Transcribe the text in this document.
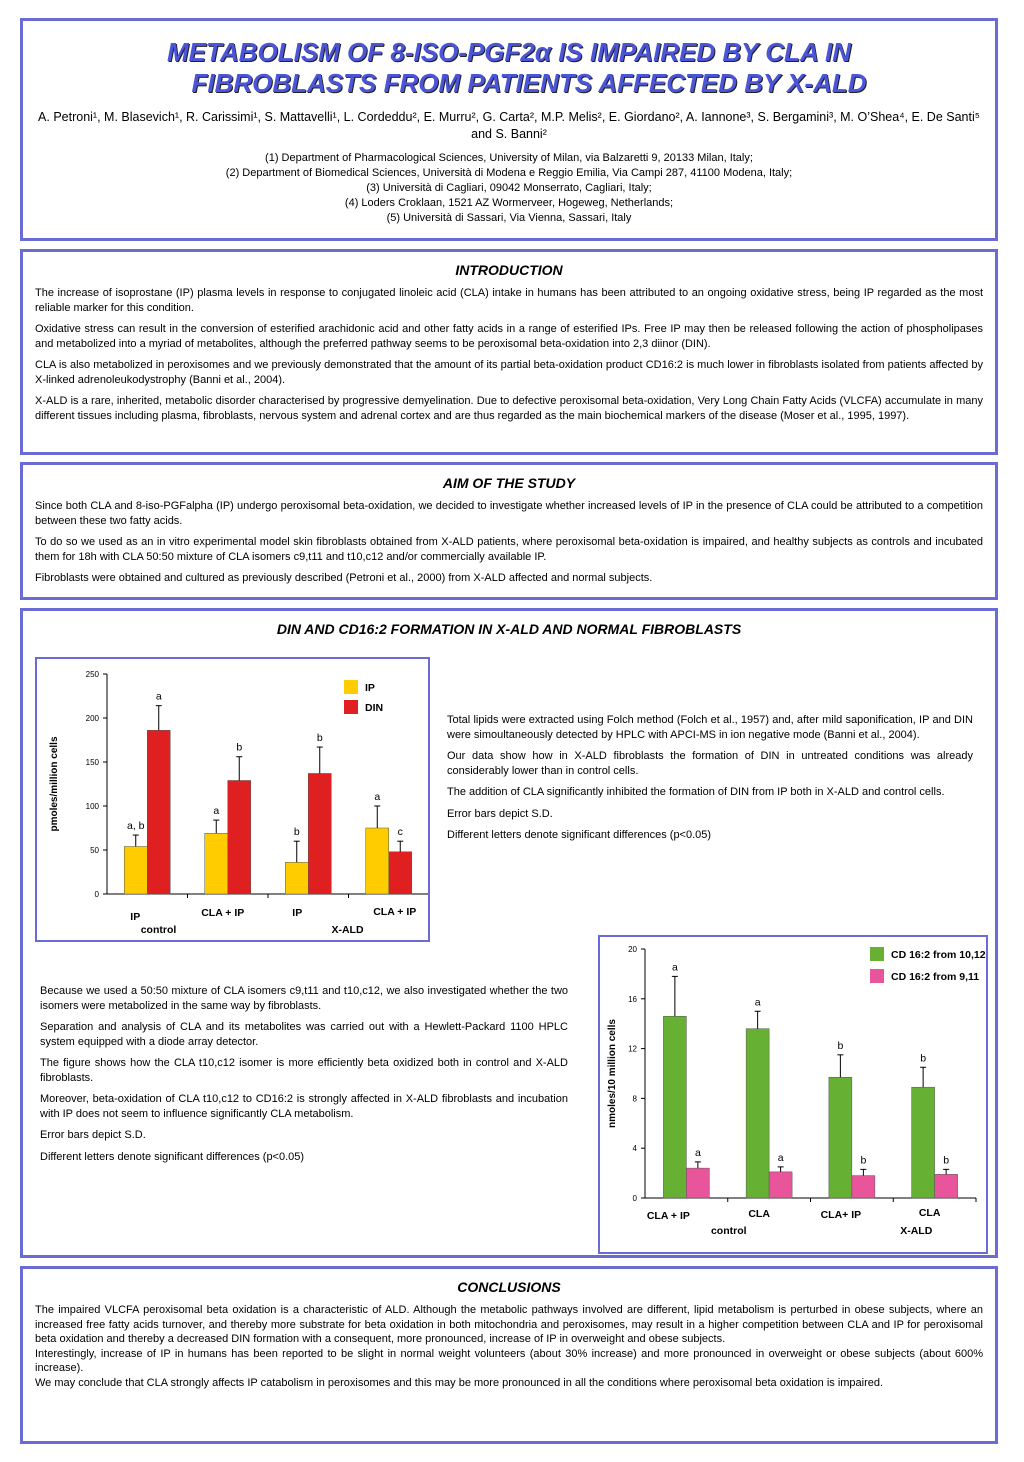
METABOLISM OF 8-ISO-PGF2α IS IMPAIRED BY CLA IN
FIBROBLASTS FROM PATIENTS AFFECTED BY X-ALD
A. Petroni¹, M. Blasevich¹, R. Carissimi¹, S. Mattavelli¹, L. Cordeddu², E. Murru², G. Carta², M.P. Melis², E. Giordano², A. Iannone³, S. Bergamini³, M. O’Shea⁴, E. De Santi⁵ and S. Banni²
(1) Department of Pharmacological Sciences, University of Milan, via Balzaretti 9, 20133 Milan, Italy;
(2) Department of Biomedical Sciences, Università di Modena e Reggio Emilia, Via Campi 287, 41100 Modena, Italy;
(3) Università di Cagliari, 09042 Monserrato, Cagliari, Italy;
(4) Loders Croklaan, 1521 AZ Wormerveer, Hogeweg, Netherlands;
(5) Università di Sassari, Via Vienna, Sassari, Italy
INTRODUCTION

The increase of isoprostane (IP) plasma levels in response to conjugated linoleic acid (CLA) intake in humans has been attributed to an ongoing oxidative stress, being IP regarded as the most reliable marker for this condition.

Oxidative stress can result in the conversion of esterified arachidonic acid and other fatty acids in a range of esterified IPs. Free IP may then be released following the action of phospholipases and metabolized into a myriad of metabolites, although the preferred pathway seems to be peroxisomal beta-oxidation into 2,3 diinor (DIN).

CLA is also metabolized in peroxisomes and we previously demonstrated that the amount of its partial beta-oxidation product CD16:2 is much lower in fibroblasts isolated from patients affected by X-linked adrenoleukodystrophy (Banni et al., 2004).

X-ALD is a rare, inherited, metabolic disorder characterised by progressive demyelination. Due to defective peroxisomal beta-oxidation, Very Long Chain Fatty Acids (VLCFA) accumulate in many different tissues including plasma, fibroblasts, nervous system and adrenal cortex and are thus regarded as the main biochemical markers of the disease (Moser et al., 1995, 1997).

AIM OF THE STUDY

Since both CLA and 8-iso-PGFalpha (IP) undergo peroxisomal beta-oxidation, we decided to investigate whether increased levels of IP in the presence of CLA could be attributed to a competition between these two fatty acids.

To do so we used as an in vitro experimental model skin fibroblasts obtained from X-ALD patients, where peroxisomal beta-oxidation is impaired, and healthy subjects as controls and incubated them for 18h with CLA 50:50 mixture of CLA isomers c9,t11 and t10,c12 and/or commercially available IP.

Fibroblasts were obtained and cultured as previously described (Petroni et al., 2000) from X-ALD affected and normal subjects.

DIN AND CD16:2 FORMATION IN X-ALD AND NORMAL FIBROBLASTS
0
50
100
150
200
250
pmoles/million cells	a, b
a
IP
a
b
CLA + IP
b
b
IP
a
c
CLA + IP
control	X-ALD
IP
DIN

Total lipids were extracted using Folch method (Folch et al., 1957) and, after mild saponification, IP and DIN were simoultaneously detected by HPLC with APCI-MS in ion negative mode (Banni et al., 2004).

Our data show how in X-ALD fibroblasts the formation of DIN in untreated conditions was already considerably lower than in control cells.

The addition of CLA significantly inhibited the formation of DIN from IP both in X-ALD and control cells.

Error bars depict S.D.

Different letters denote significant differences (p<0.05)

Because we used a 50:50 mixture of CLA isomers c9,t11 and t10,c12, we also investigated whether the two isomers were metabolized in the same way by fibroblasts.

Separation and analysis of CLA and its metabolites was carried out with a Hewlett-Packard 1100 HPLC system equipped with a diode array detector.

The figure shows how the CLA t10,c12 isomer is more efficiently beta oxidized both in control and X-ALD fibroblasts.

Moreover, beta-oxidation of CLA t10,c12 to CD16:2 is strongly affected in X-ALD fibroblasts and incubation with IP does not seem to influence significantly CLA metabolism.

Error bars depict S.D.

Different letters denote significant differences (p<0.05)

0
4
8
12
16
20
nmoles/10 million cells
a
a
CLA + IP
a
a
CLA
b
b
CLA+ IP
b
b
CLA
control	X-ALD
CD 16:2 from 10,12
CD 16:2 from 9,11
CONCLUSIONS

The impaired VLCFA peroxisomal beta oxidation is a characteristic of ALD. Although the metabolic pathways involved are different, lipid metabolism is perturbed in obese subjects, where an increased free fatty acids turnover, and thereby more substrate for beta oxidation in both mitochondria and peroxisomes, may result in a higher competition between CLA and IP for peroxisomal beta oxidation and thereby a decreased DIN formation with a consequent, more pronounced, increase of IP in overweight and obese subjects.

Interestingly, increase of IP in humans has been reported to be slight in normal weight volunteers (about 30% increase) and more pronounced in overweight or obese subjects (about 600% increase).

We may conclude that CLA strongly affects IP catabolism in peroxisomes and this may be more pronounced in all the conditions where peroxisomal beta oxidation is impaired.
